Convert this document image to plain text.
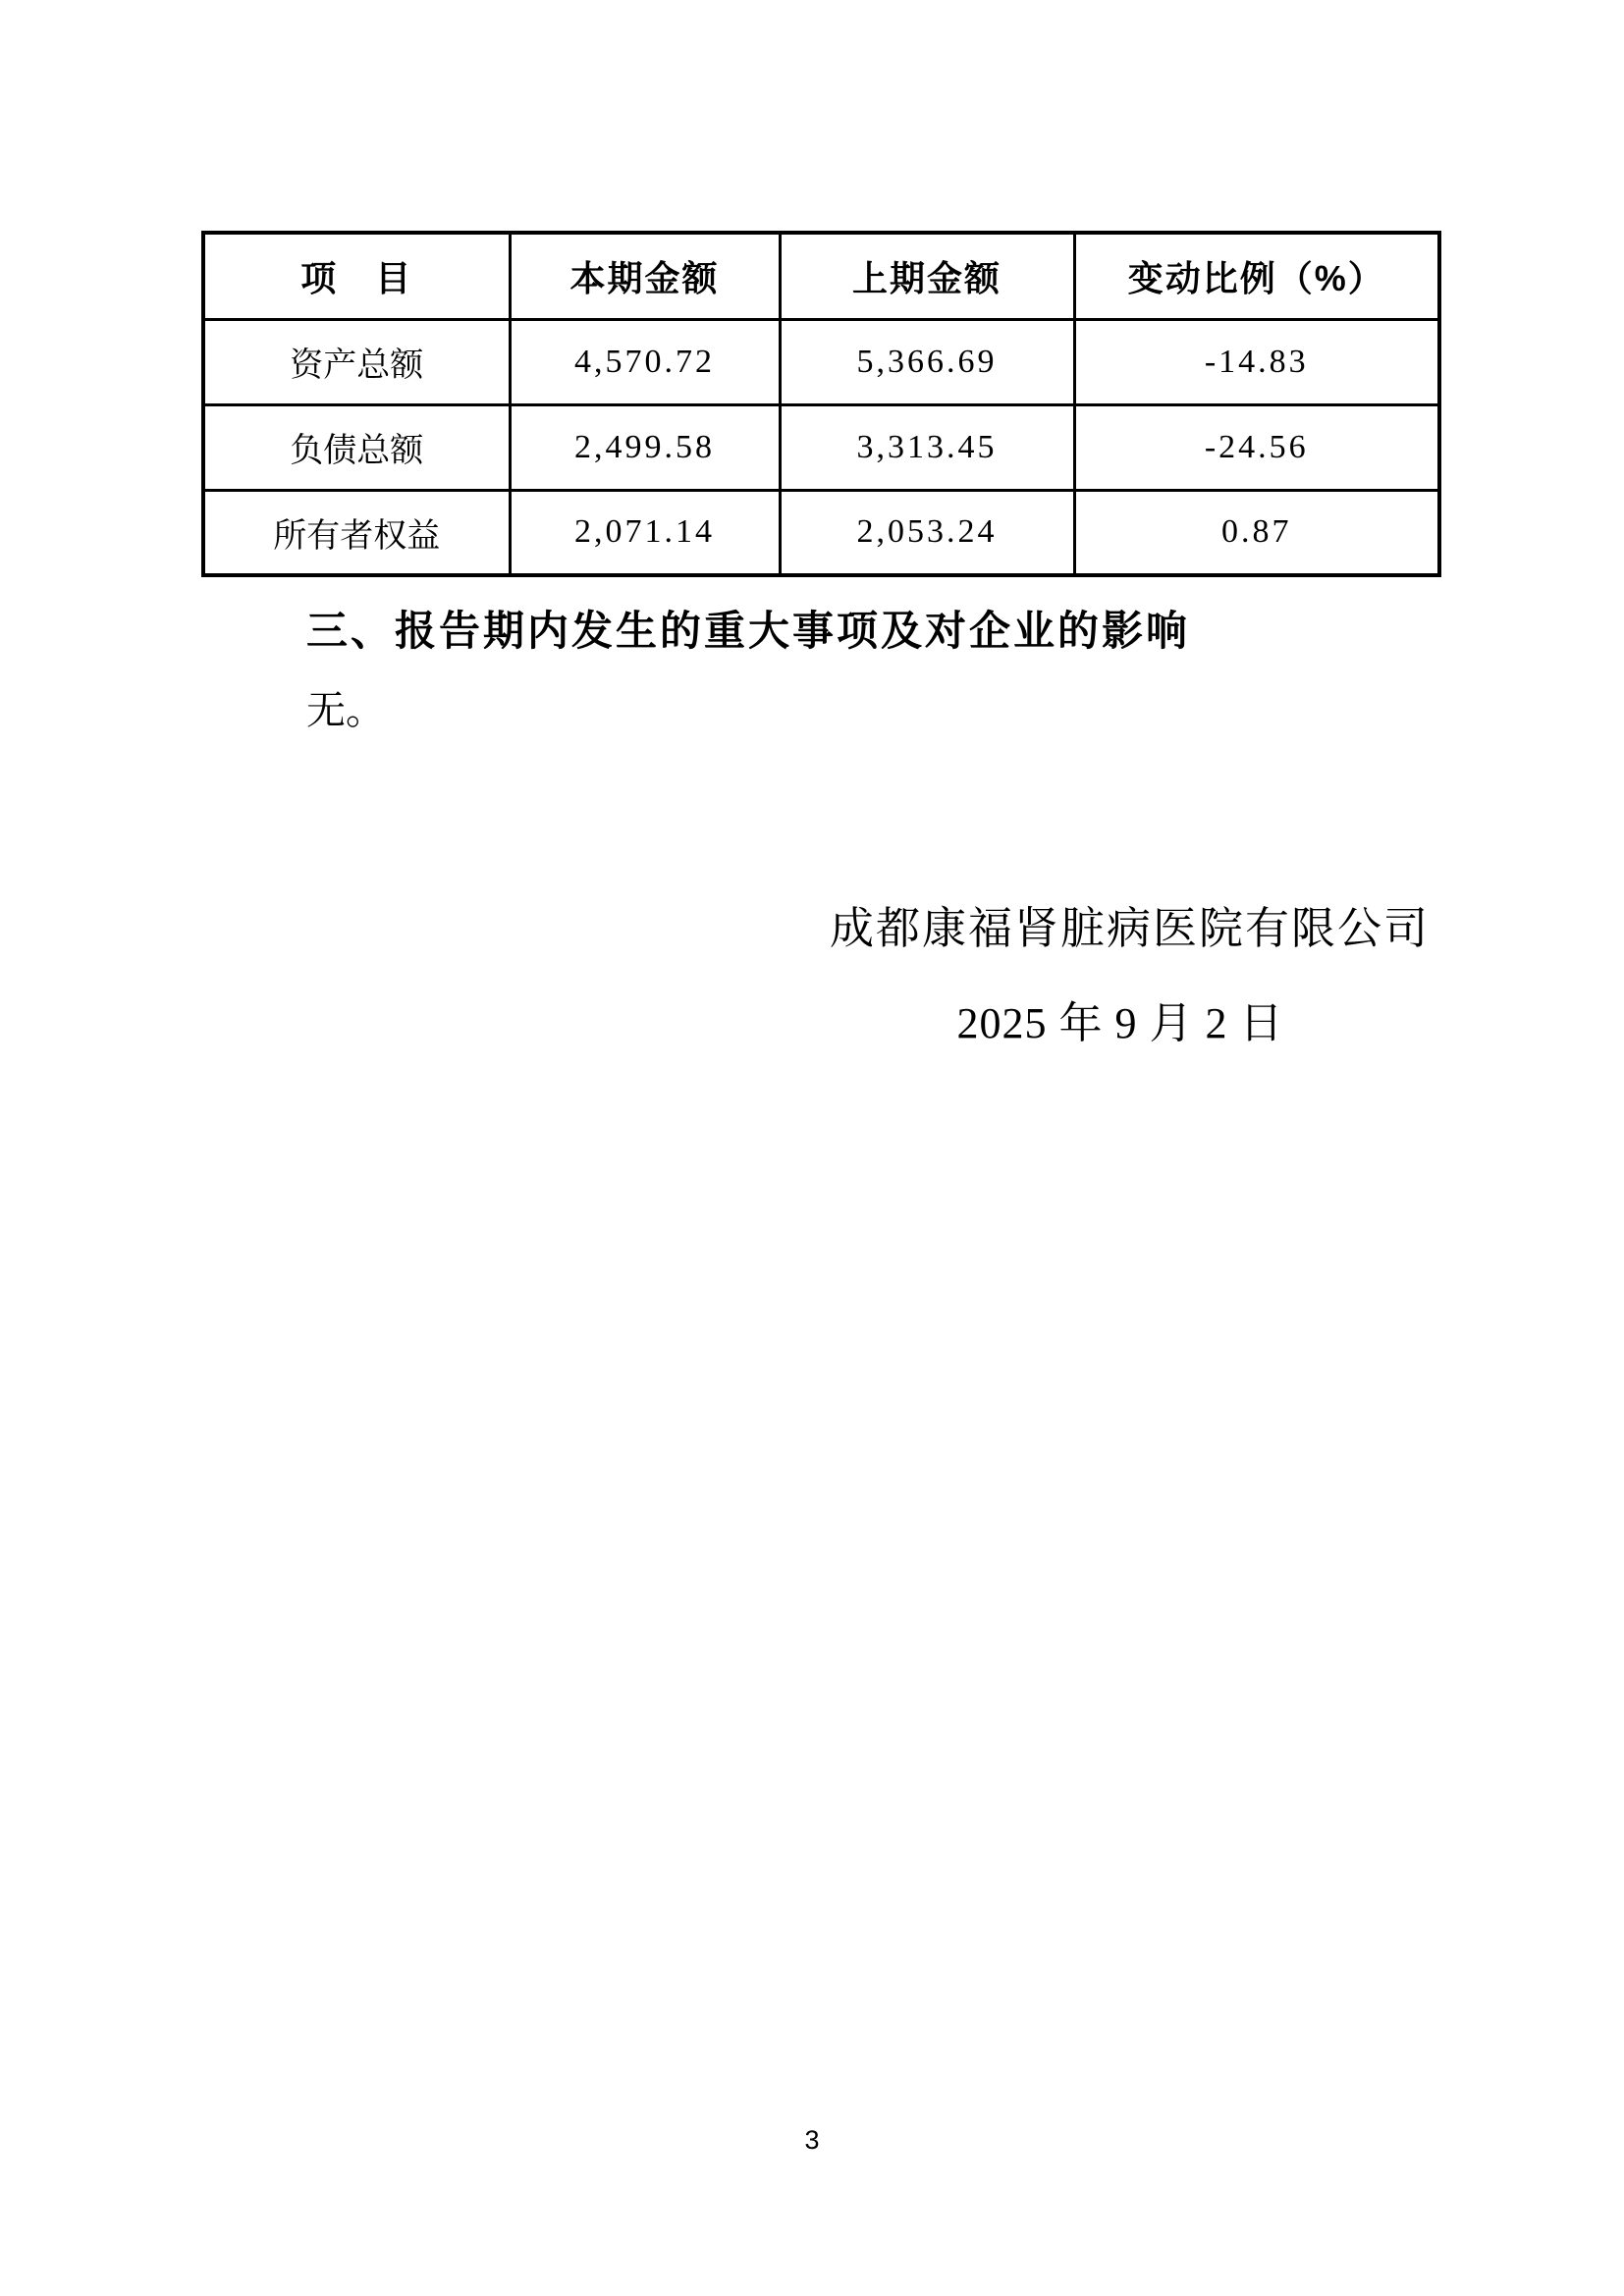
项　目	本期金额	上期金额	变动比例（%）
资产总额	4,570.72	5,366.69	-14.83
负债总额	2,499.58	3,313.45	-24.56
所有者权益	2,071.14	2,053.24	0.87
三、报告期内发生的重大事项及对企业的影响

无。

成都康福肾脏病医院有限公司

2025 年 9 月 2 日

3
